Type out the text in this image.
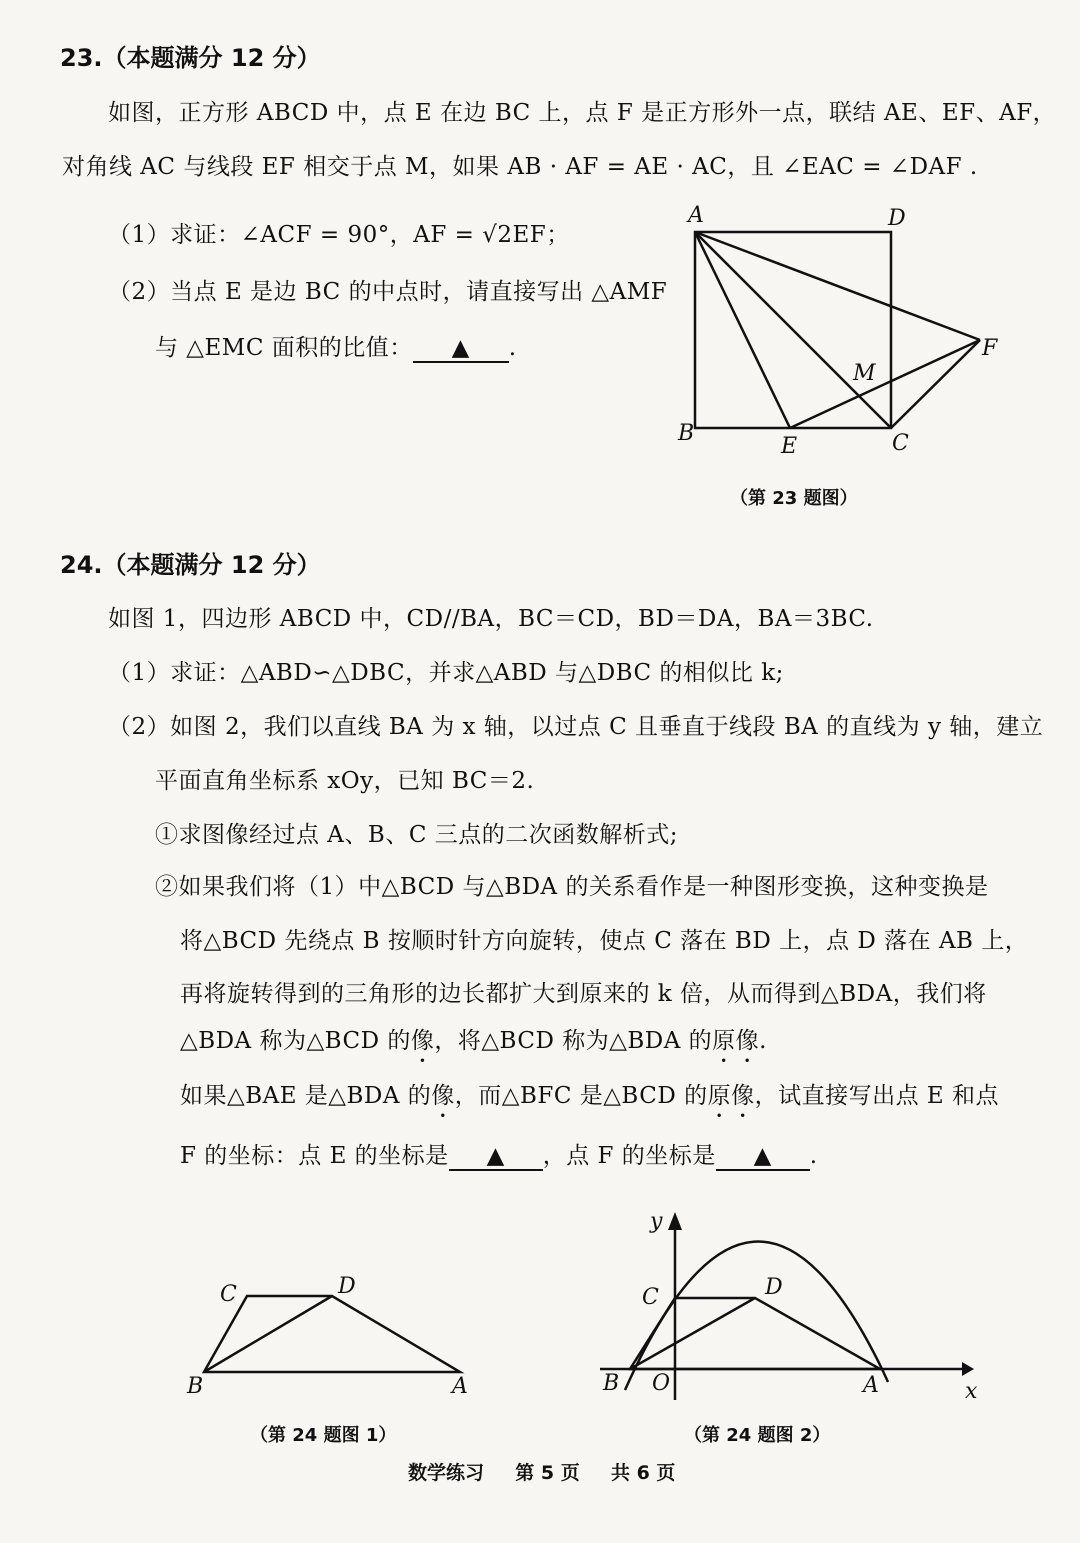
23.（本题满分 12 分）
如图，正方形 ABCD 中，点 E 在边 BC 上，点 F 是正方形外一点，联结 AE、EF、AF，
对角线 AC 与线段 EF 相交于点 M，如果 AB · AF = AE · AC，且 ∠EAC = ∠DAF .
（1）求证：∠ACF = 90°，AF = √2EF；
（2）当点 E 是边 BC 的中点时，请直接写出 △AMF
与 △EMC 面积的比值： ▲ .
A	D
B
E	C
F
M
（第 23 题图）
24.（本题满分 12 分）
如图 1，四边形 ABCD 中，CD//BA，BC＝CD，BD＝DA，BA＝3BC.
（1）求证：△ABD∽△DBC，并求△ABD 与△DBC 的相似比 k;
（2）如图 2，我们以直线 BA 为 x 轴，以过点 C 且垂直于线段 BA 的直线为 y 轴，建立
平面直角坐标系 xOy，已知 BC＝2.
①求图像经过点 A、B、C 三点的二次函数解析式;
②如果我们将（1）中△BCD 与△BDA 的关系看作是一种图形变换，这种变换是
将△BCD 先绕点 B 按顺时针方向旋转，使点 C 落在 BD 上，点 D 落在 AB 上，
再将旋转得到的三角形的边长都扩大到原来的 k 倍，从而得到△BDA，我们将
△BDA 称为△BCD 的像，将△BCD 称为△BDA 的原像.
如果△BAE 是△BDA 的像，而△BFC 是△BCD 的原像，试直接写出点 E 和点
F 的坐标：点 E 的坐标是 ▲ ，点 F 的坐标是 ▲ .
C	D
B	A
（第 24 题图 1）
y
x
C	D
B O	A
（第 24 题图 2）
数学练习 第 5 页 共 6 页
